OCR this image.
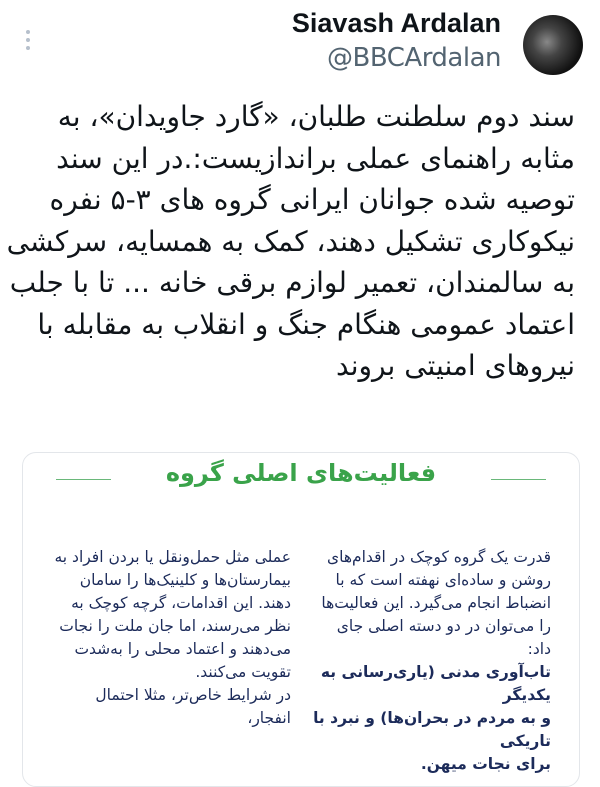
Siavash Ardalan
@BBCArdalan
سند دوم سلطنت طلبان، «گارد جاویدان»، به
مثابه راهنمای عملی براندازیست:.در این سند
توصیه شده جوانان ایرانی گروه های ۳-۵ نفره
نیکوکاری تشکیل دهند، کمک به همسایه، سرکشی
به سالمندان، تعمیر لوازم برقی خانه ... تا با جلب
اعتماد عمومی هنگام جنگ و انقلاب به مقابله با
نیروهای امنیتی بروند
فعالیت‌های اصلی گروه
قدرت یک گروه کوچک در اقدام‌های
روشن و ساده‌ای نهفته است که با
انضباط انجام می‌گیرد. این فعالیت‌ها
را می‌توان در دو دسته اصلی جای داد:
تاب‌آوری مدنی (یاری‌رسانی به یکدیگر
و به مردم در بحران‌ها) و نبرد با تاریکی
برای نجات میهن.
عملی مثل حمل‌ونقل یا بردن افراد به
بیمارستان‌ها و کلینیک‌ها را سامان
دهند. این اقدامات، گرچه کوچک به
نظر می‌رسند، اما جان ملت را نجات
می‌دهند و اعتماد محلی را به‌شدت
تقویت می‌کنند.
در شرایط خاص‌تر، مثلا احتمال انفجار،
